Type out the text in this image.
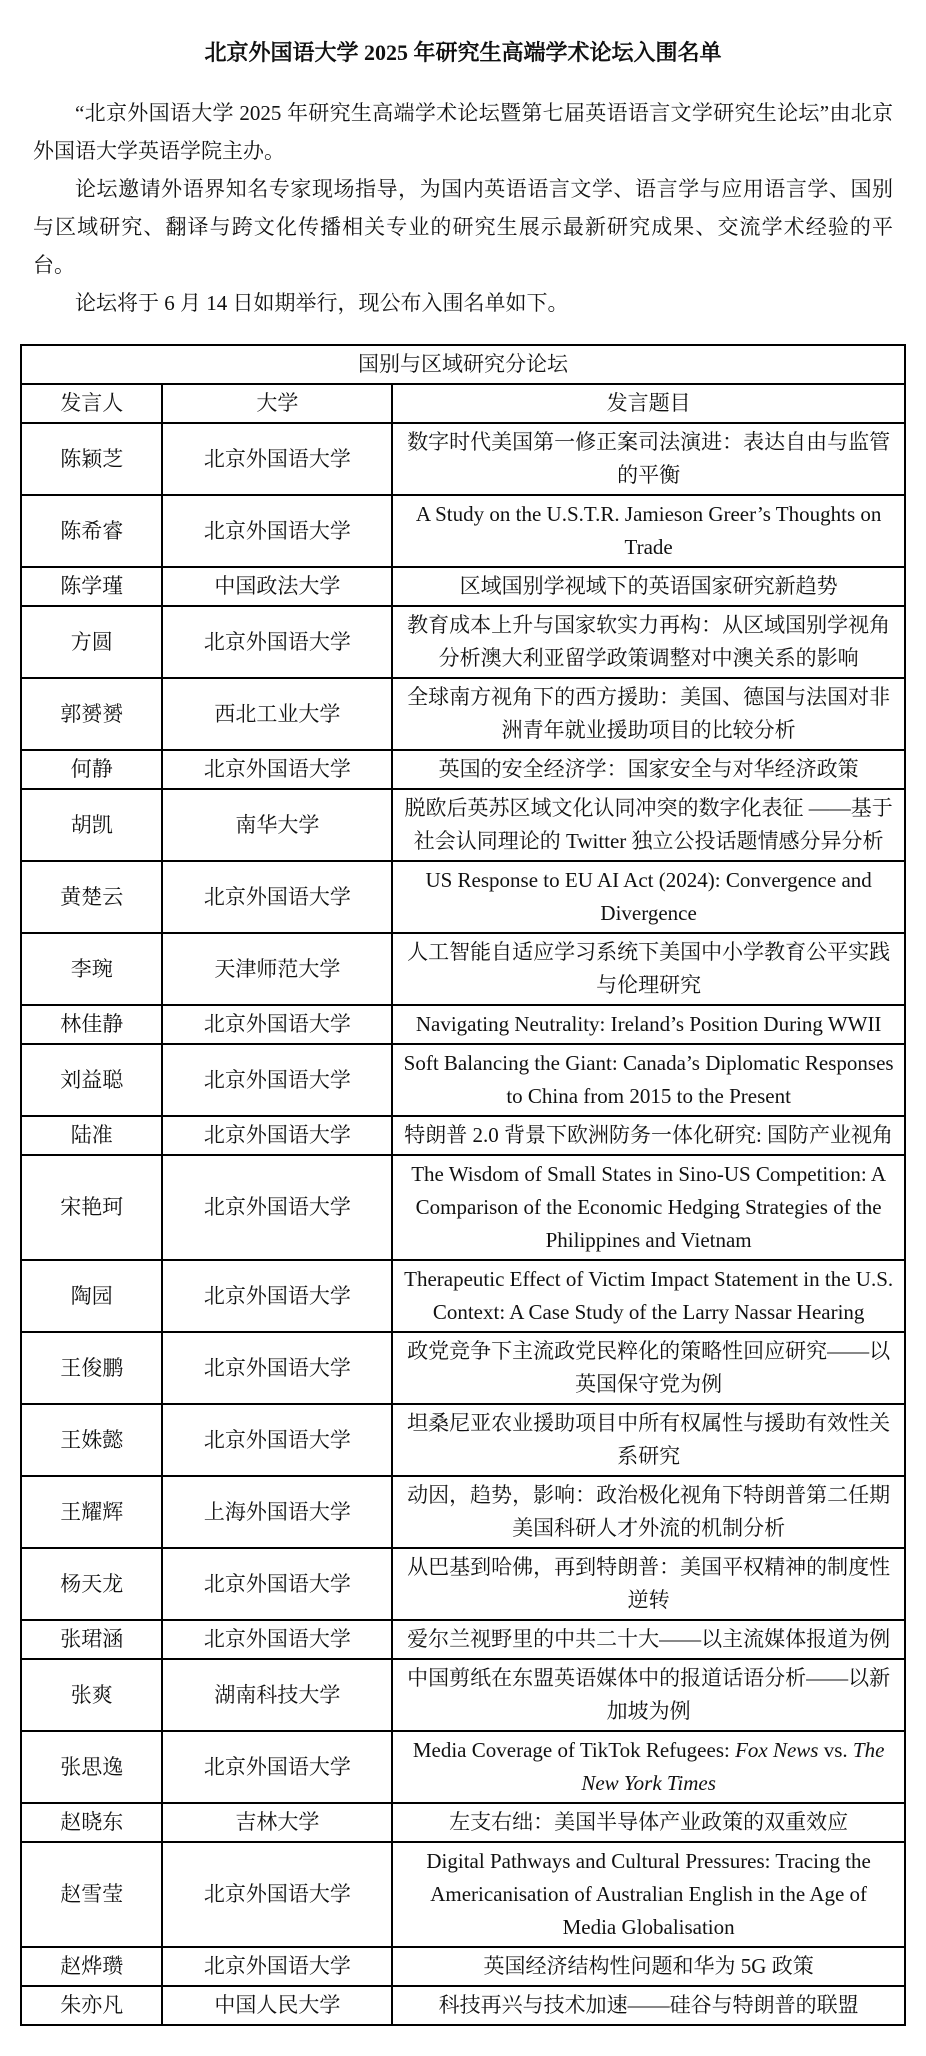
北京外国语大学 2025 年研究生高端学术论坛入围名单

“北京外国语大学 2025 年研究生高端学术论坛暨第七届英语语言文学研究生论坛”由北京外国语大学英语学院主办。

论坛邀请外语界知名专家现场指导，为国内英语语言文学、语言学与应用语言学、国别与区域研究、翻译与跨文化传播相关专业的研究生展示最新研究成果、交流学术经验的平台。

论坛将于 6 月 14 日如期举行，现公布入围名单如下。

国别与区域研究分论坛		
发言人	大学	发言题目
陈颖芝	北京外国语大学	数字时代美国第一修正案司法演进：表达自由与监管的平衡
陈希睿	北京外国语大学	A Study on the U.S.T.R. Jamieson Greer’s Thoughts on Trade
陈学瑾	中国政法大学	区域国别学视域下的英语国家研究新趋势
方圆	北京外国语大学	教育成本上升与国家软实力再构：从区域国别学视角分析澳大利亚留学政策调整对中澳关系的影响
郭赟赟	西北工业大学	全球南方视角下的西方援助：美国、德国与法国对非洲青年就业援助项目的比较分析
何静	北京外国语大学	英国的安全经济学：国家安全与对华经济政策
胡凯	南华大学	脱欧后英苏区域文化认同冲突的数字化表征 ——基于社会认同理论的 Twitter 独立公投话题情感分异分析
黄楚云	北京外国语大学	US Response to EU AI Act (2024): Convergence and Divergence
李琬	天津师范大学	人工智能自适应学习系统下美国中小学教育公平实践与伦理研究
林佳静	北京外国语大学	Navigating Neutrality: Ireland’s Position During WWII
刘益聪	北京外国语大学	Soft Balancing the Giant: Canada’s Diplomatic Responses to China from 2015 to the Present
陆准	北京外国语大学	特朗普 2.0 背景下欧洲防务一体化研究: 国防产业视角
宋艳珂	北京外国语大学	The Wisdom of Small States in Sino-US Competition: A Comparison of the Economic Hedging Strategies of the Philippines and Vietnam
陶园	北京外国语大学	Therapeutic Effect of Victim Impact Statement in the U.S. Context: A Case Study of the Larry Nassar Hearing
王俊鹏	北京外国语大学	政党竞争下主流政党民粹化的策略性回应研究——以英国保守党为例
王姝懿	北京外国语大学	坦桑尼亚农业援助项目中所有权属性与援助有效性关系研究
王耀辉	上海外国语大学	动因，趋势，影响：政治极化视角下特朗普第二任期美国科研人才外流的机制分析
杨天龙	北京外国语大学	从巴基到哈佛，再到特朗普：美国平权精神的制度性逆转
张珺涵	北京外国语大学	爱尔兰视野里的中共二十大——以主流媒体报道为例
张爽	湖南科技大学	中国剪纸在东盟英语媒体中的报道话语分析——以新加坡为例
张思逸	北京外国语大学	Media Coverage of TikTok Refugees: Fox News vs. The New York Times
赵晓东	吉林大学	左支右绌：美国半导体产业政策的双重效应
赵雪莹	北京外国语大学	Digital Pathways and Cultural Pressures: Tracing the Americanisation of Australian English in the Age of Media Globalisation
赵烨瓒	北京外国语大学	英国经济结构性问题和华为 5G 政策
朱亦凡	中国人民大学	科技再兴与技术加速——硅谷与特朗普的联盟
